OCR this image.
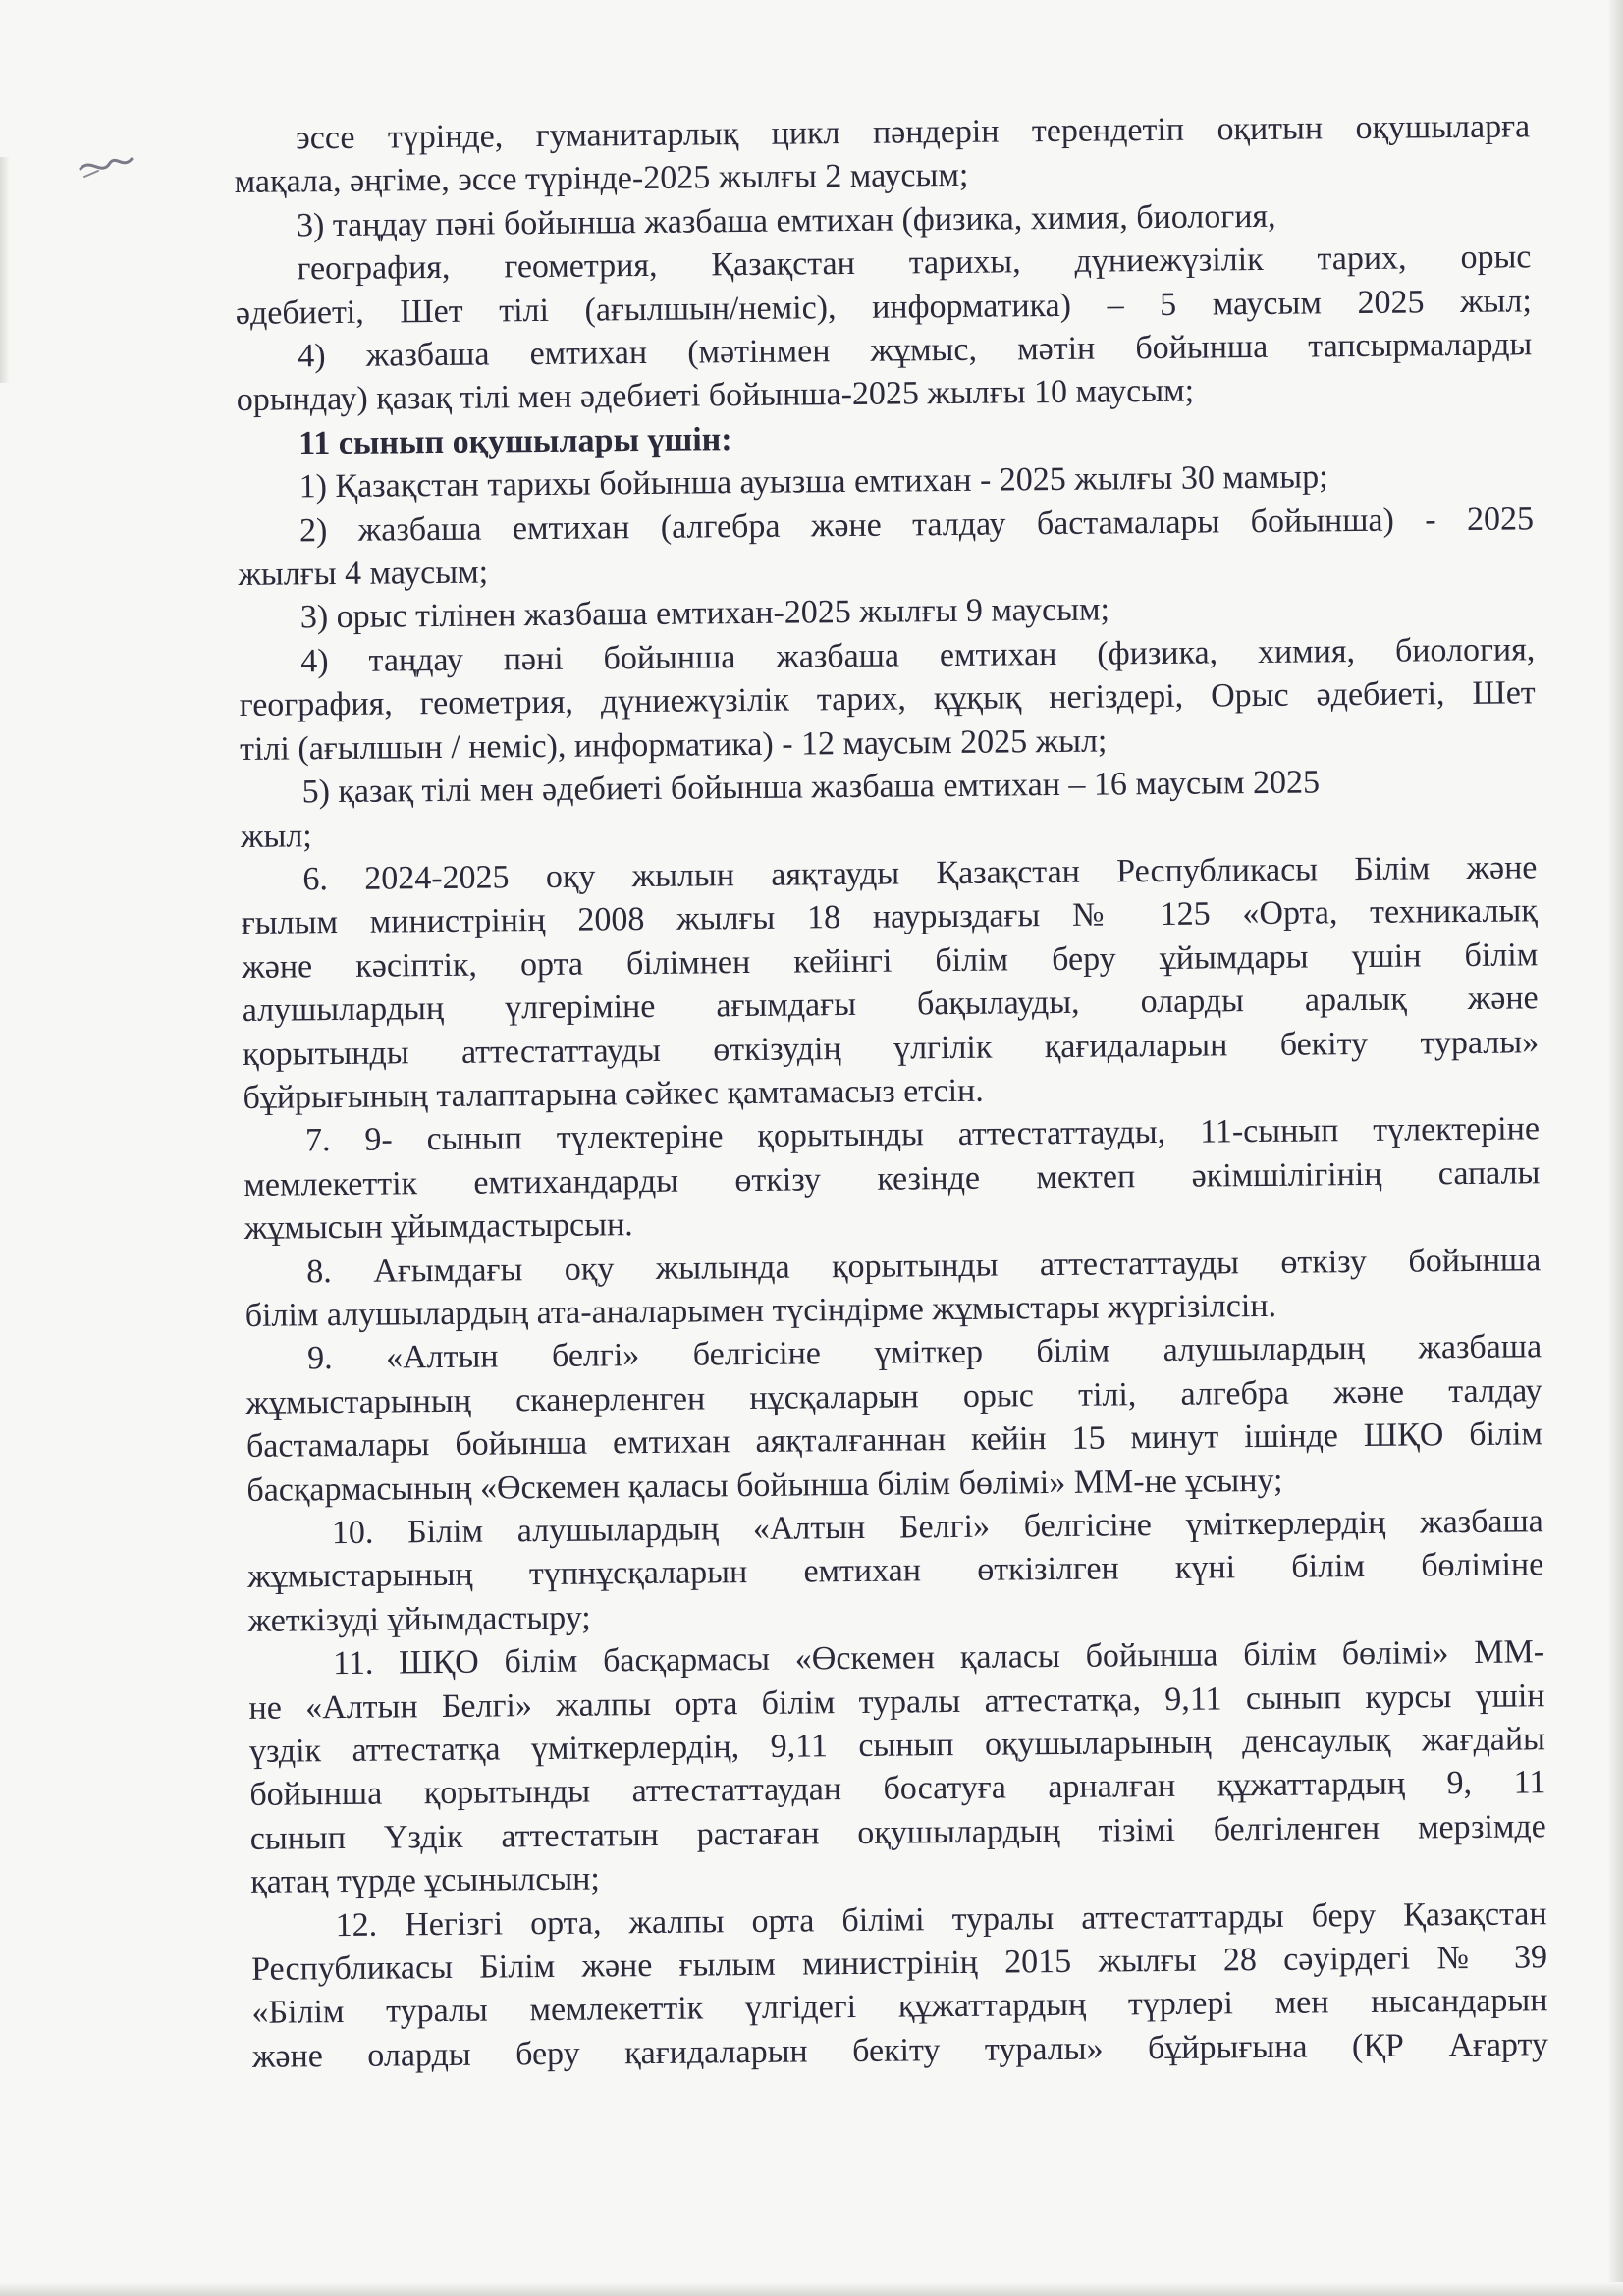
эссе түрінде, гуманитарлық цикл пәндерін терендетіп оқитын оқушыларға
мақала, әңгіме, эссе түрінде-2025 жылғы 2 маусым;
3) таңдау пәні бойынша жазбаша емтихан (физика, химия, биология,
география, геометрия, Қазақстан тарихы, дүниежүзілік тарих, орыс
әдебиеті, Шет тілі (ағылшын/неміс), информатика) – 5 маусым 2025 жыл;
4) жазбаша емтихан (мәтінмен жұмыс, мәтін бойынша тапсырмаларды
орындау) қазақ тілі мен әдебиеті бойынша-2025 жылғы 10 маусым;
11 сынып оқушылары үшін:
1) Қазақстан тарихы бойынша ауызша емтихан - 2025 жылғы 30 мамыр;
2) жазбаша емтихан (алгебра және талдау бастамалары бойынша) - 2025
жылғы 4 маусым;
3) орыс тілінен жазбаша емтихан-2025 жылғы 9 маусым;
4) таңдау пәні бойынша жазбаша емтихан (физика, химия, биология,
география, геометрия, дүниежүзілік тарих, құқық негіздері, Орыс әдебиеті, Шет
тілі (ағылшын / неміс), информатика) - 12 маусым 2025 жыл;
5) қазақ тілі мен әдебиеті бойынша жазбаша емтихан – 16 маусым 2025
жыл;
6. 2024-2025 оқу жылын аяқтауды Қазақстан Республикасы Білім және
ғылым министрінің 2008 жылғы 18 наурыздағы № 125 «Орта, техникалық
және кәсіптік, орта білімнен кейінгі білім беру ұйымдары үшін білім
алушылардың үлгеріміне ағымдағы бақылауды, оларды аралық және
қорытынды аттестаттауды өткізудің үлгілік қағидаларын бекіту туралы»
бұйрығының талаптарына сәйкес қамтамасыз етсін.
7. 9- сынып түлектеріне қорытынды аттестаттауды, 11-сынып түлектеріне
мемлекеттік емтихандарды өткізу кезінде мектеп әкімшілігінің сапалы
жұмысын ұйымдастырсын.
8. Ағымдағы оқу жылында қорытынды аттестаттауды өткізу бойынша
білім алушылардың ата-аналарымен түсіндірме жұмыстары жүргізілсін.
9. «Алтын белгі» белгісіне үміткер білім алушылардың жазбаша
жұмыстарының сканерленген нұсқаларын орыс тілі, алгебра және талдау
бастамалары бойынша емтихан аяқталғаннан кейін 15 минут ішінде ШҚО білім
басқармасының «Өскемен қаласы бойынша білім бөлімі» ММ-не ұсыну;
10. Білім алушылардың «Алтын Белгі» белгісіне үміткерлердің жазбаша
жұмыстарының түпнұсқаларын емтихан өткізілген күні білім бөліміне
жеткізуді ұйымдастыру;
11. ШҚО білім басқармасы «Өскемен қаласы бойынша білім бөлімі» ММ-
не «Алтын Белгі» жалпы орта білім туралы аттестатқа, 9,11 сынып курсы үшін
үздік аттестатқа үміткерлердің, 9,11 сынып оқушыларының денсаулық жағдайы
бойынша қорытынды аттестаттаудан босатуға арналған құжаттардың 9, 11
сынып Үздік аттестатын растаған оқушылардың тізімі белгіленген мерзімде
қатаң түрде ұсынылсын;
12. Негізгі орта, жалпы орта білімі туралы аттестаттарды беру Қазақстан
Республикасы Білім және ғылым министрінің 2015 жылғы 28 сәуірдегі № 39
«Білім туралы мемлекеттік үлгідегі құжаттардың түрлері мен нысандарын
және оларды беру қағидаларын бекіту туралы» бұйрығына (ҚР Ағарту
